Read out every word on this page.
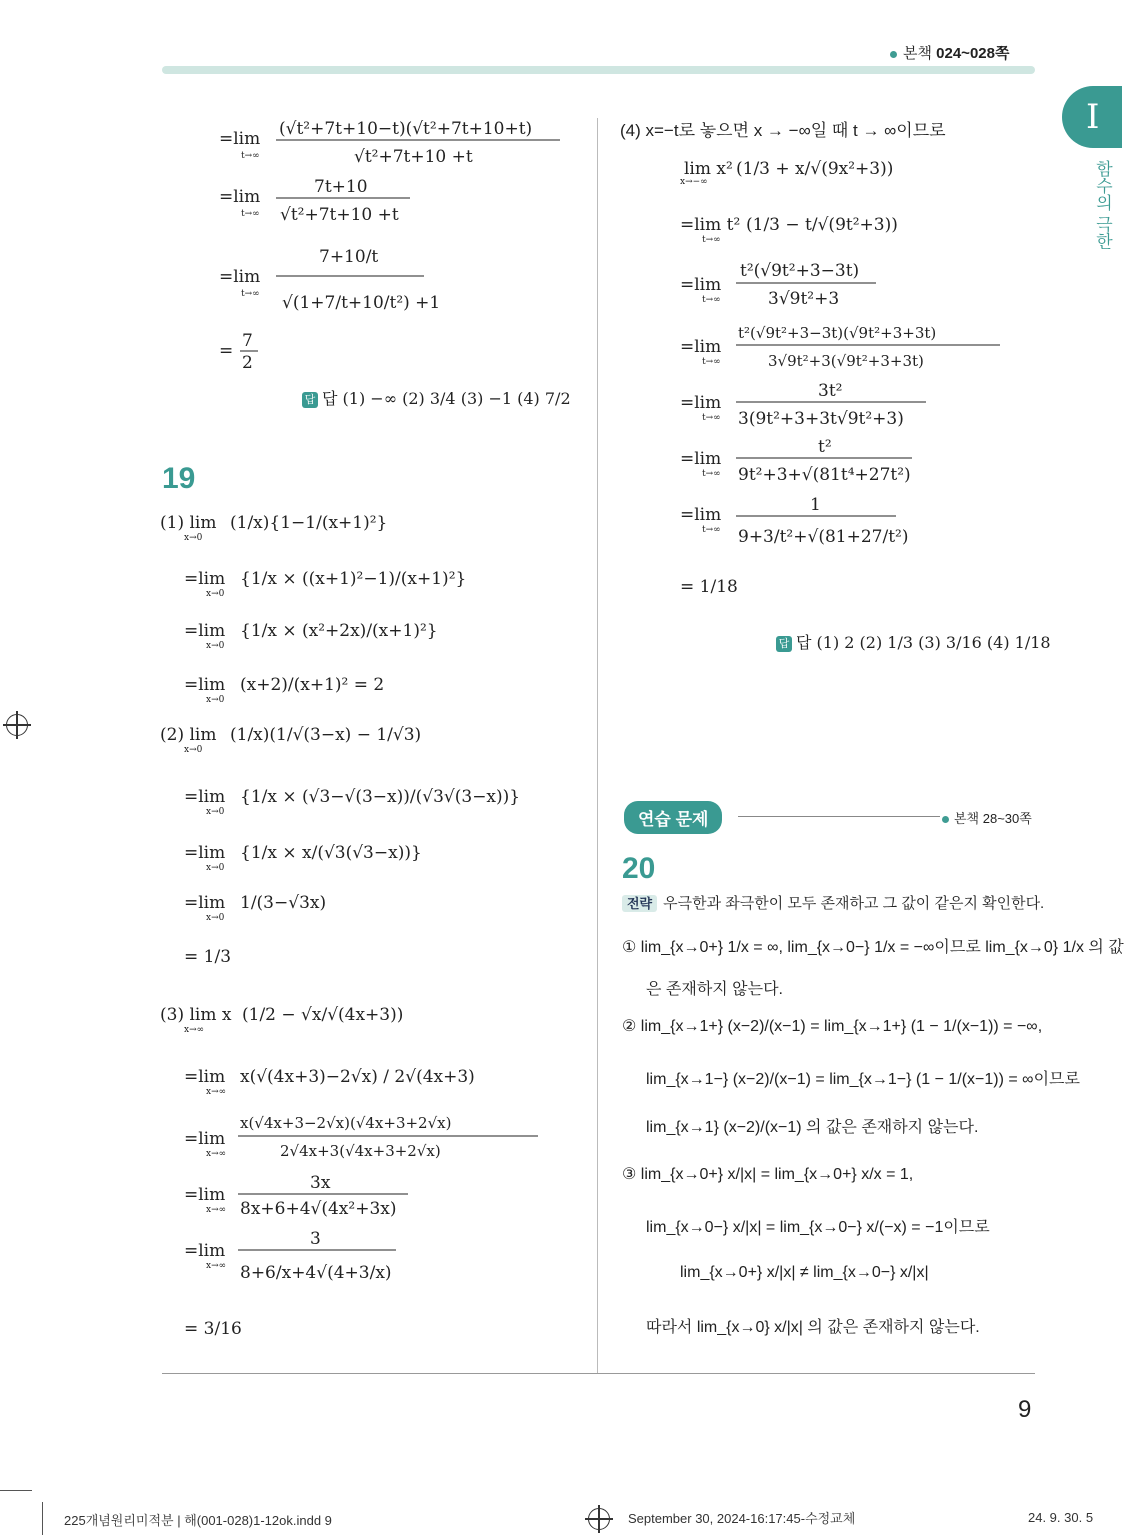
본책 024~028쪽
I
함수의 극한
=lim
t→∞
(√t²+7t+10−t)(√t²+7t+10+t)
√t²+7t+10 +t
=lim
t→∞
7t+10
√t²+7t+10 +t
=lim
t→∞
7+10/t
√(1+7/t+10/t²) +1
= 7
2
답 답 (1) −∞ (2) 3/4 (3) −1 (4) 7/2
19
(1) lim
x→0
(1/x){1−1/(x+1)²}
=lim
x→0
{1/x × ((x+1)²−1)/(x+1)²}
=lim
x→0
{1/x × (x²+2x)/(x+1)²}
=lim
x→0
(x+2)/(x+1)² = 2
(2) lim
x→0
(1/x)(1/√(3−x) − 1/√3)
=lim
x→0
{1/x × (√3−√(3−x))/(√3√(3−x))}
=lim
x→0
{1/x × x/(√3(√3−x))}
=lim
x→0
1/(3−√3x)
= 1/3
(3) lim x
x→∞
(1/2 − √x/√(4x+3))
=lim
x→∞
x(√(4x+3)−2√x) / 2√(4x+3)
=lim
x→∞
x(√4x+3−2√x)(√4x+3+2√x)
2√4x+3(√4x+3+2√x)
=lim
x→∞
3x
8x+6+4√(4x²+3x)
=lim
x→∞
3
8+6/x+4√(4+3/x)
= 3/16
(4) x=−t로 놓으면 x → −∞일 때 t → ∞이므로
lim x²
x→−∞
(1/3 + x/√(9x²+3))
=lim t²
t→∞
(1/3 − t/√(9t²+3))
=lim
t→∞
t²(√9t²+3−3t)
3√9t²+3
=lim
t→∞
t²(√9t²+3−3t)(√9t²+3+3t)
3√9t²+3(√9t²+3+3t)
=lim
t→∞
3t²
3(9t²+3+3t√9t²+3)
=lim
t→∞
t²
9t²+3+√(81t⁴+27t²)
=lim
t→∞
1
9+3/t²+√(81+27/t²)
= 1/18
답 답 (1) 2 (2) 1/3 (3) 3/16 (4) 1/18
연습 문제	본책 28~30쪽
20
전략 우극한과 좌극한이 모두 존재하고 그 값이 같은지 확인한다.
① lim_{x→0+} 1/x = ∞, lim_{x→0−} 1/x = −∞이므로 lim_{x→0} 1/x 의 값
은 존재하지 않는다.
② lim_{x→1+} (x−2)/(x−1) = lim_{x→1+} (1 − 1/(x−1)) = −∞,
lim_{x→1−} (x−2)/(x−1) = lim_{x→1−} (1 − 1/(x−1)) = ∞이므로
lim_{x→1} (x−2)/(x−1) 의 값은 존재하지 않는다.
③ lim_{x→0+} x/|x| = lim_{x→0+} x/x = 1,
lim_{x→0−} x/|x| = lim_{x→0−} x/(−x) = −1이므로
lim_{x→0+} x/|x| ≠ lim_{x→0−} x/|x|
따라서 lim_{x→0} x/|x| 의 값은 존재하지 않는다.
9
225개념원리미적분 | 해(001-028)1-12ok.indd 9	September 30, 2024-16:17:45-수정교체	24. 9. 30. 5
